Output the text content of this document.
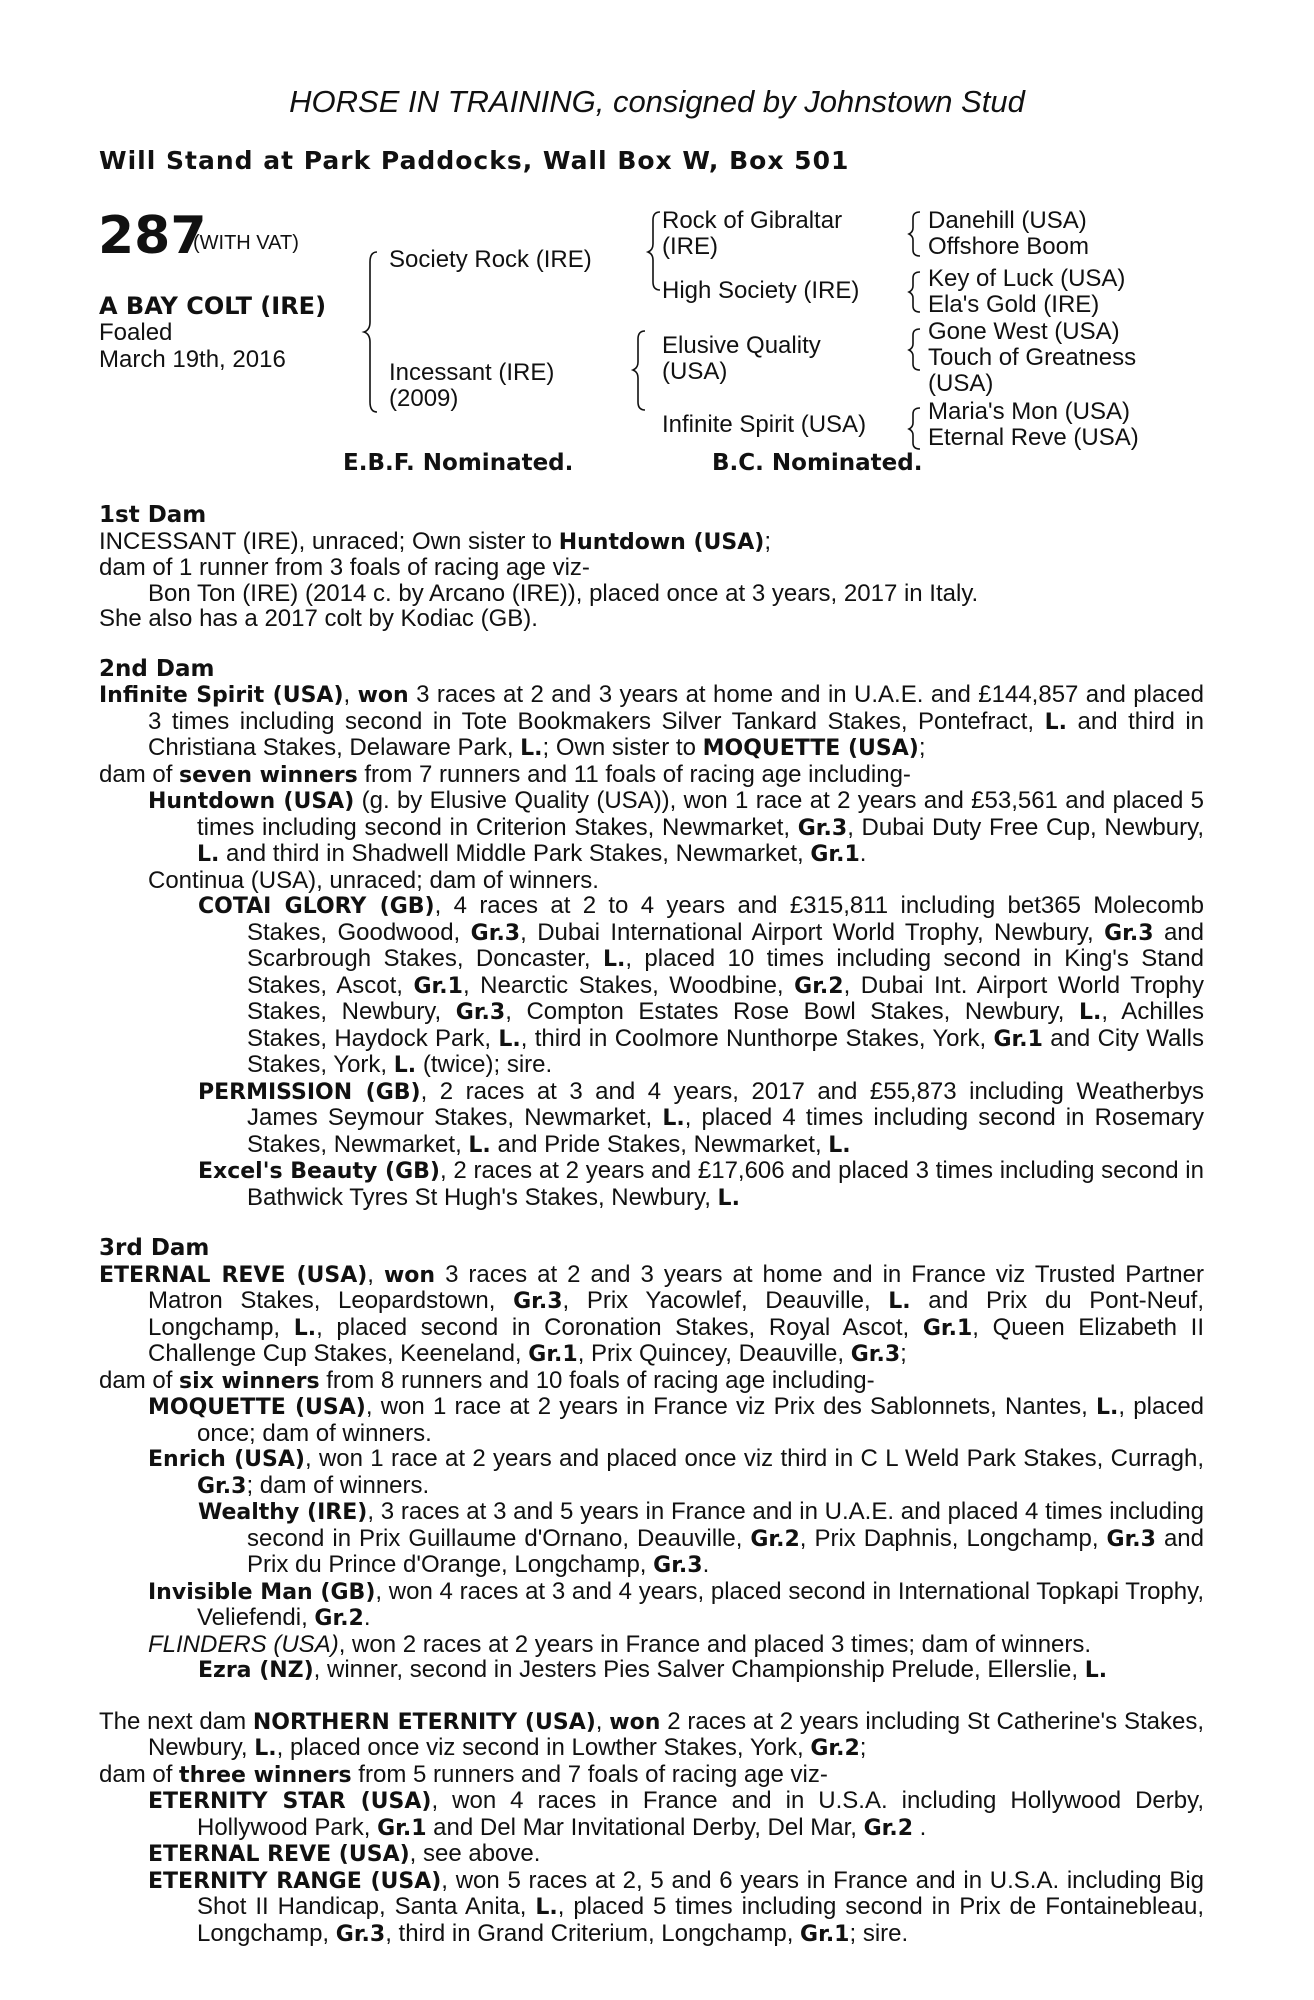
HORSE IN TRAINING, consigned by Johnstown Stud
Will Stand at Park Paddocks, Wall Box W, Box 501
287
(WITH VAT)
A BAY COLT (IRE)
Foaled
March 19th, 2016
Society Rock (IRE)
Incessant (IRE)
(2009)
Rock of Gibraltar
(IRE)
High Society (IRE)
Elusive Quality
(USA)
Infinite Spirit (USA)
Danehill (USA)
Offshore Boom
Key of Luck (USA)
Ela's Gold (IRE)
Gone West (USA)
Touch of Greatness
(USA)
Maria's Mon (USA)
Eternal Reve (USA)
E.B.F. Nominated.	B.C. Nominated.

1st Dam

INCESSANT (IRE), unraced; Own sister to Huntdown (USA);

dam of 1 runner from 3 foals of racing age viz-

Bon Ton (IRE) (2014 c. by Arcano (IRE)), placed once at 3 years, 2017 in Italy.

She also has a 2017 colt by Kodiac (GB).

2nd Dam

Infinite Spirit (USA), won 3 races at 2 and 3 years at home and in U.A.E. and £144,857 and placed 3 times including second in Tote Bookmakers Silver Tankard Stakes, Pontefract, L. and third in Christiana Stakes, Delaware Park, L.; Own sister to MOQUETTE (USA);

dam of seven winners from 7 runners and 11 foals of racing age including-

Huntdown (USA) (g. by Elusive Quality (USA)), won 1 race at 2 years and £53,561 and placed 5 times including second in Criterion Stakes, Newmarket, Gr.3, Dubai Duty Free Cup, Newbury, L. and third in Shadwell Middle Park Stakes, Newmarket, Gr.1.

Continua (USA), unraced; dam of winners.

COTAI GLORY (GB), 4 races at 2 to 4 years and £315,811 including bet365 Molecomb Stakes, Goodwood, Gr.3, Dubai International Airport World Trophy, Newbury, Gr.3 and Scarbrough Stakes, Doncaster, L., placed 10 times including second in King's Stand Stakes, Ascot, Gr.1, Nearctic Stakes, Woodbine, Gr.2, Dubai Int. Airport World Trophy Stakes, Newbury, Gr.3, Compton Estates Rose Bowl Stakes, Newbury, L., Achilles Stakes, Haydock Park, L., third in Coolmore Nunthorpe Stakes, York, Gr.1 and City Walls Stakes, York, L. (twice); sire.

PERMISSION (GB), 2 races at 3 and 4 years, 2017 and £55,873 including Weatherbys James Seymour Stakes, Newmarket, L., placed 4 times including second in Rosemary Stakes, Newmarket, L. and Pride Stakes, Newmarket, L.

Excel's Beauty (GB), 2 races at 2 years and £17,606 and placed 3 times including second in Bathwick Tyres St Hugh's Stakes, Newbury, L.

3rd Dam

ETERNAL REVE (USA), won 3 races at 2 and 3 years at home and in France viz Trusted Partner Matron Stakes, Leopardstown, Gr.3, Prix Yacowlef, Deauville, L. and Prix du Pont-Neuf, Longchamp, L., placed second in Coronation Stakes, Royal Ascot, Gr.1, Queen Elizabeth II Challenge Cup Stakes, Keeneland, Gr.1, Prix Quincey, Deauville, Gr.3;

dam of six winners from 8 runners and 10 foals of racing age including-

MOQUETTE (USA), won 1 race at 2 years in France viz Prix des Sablonnets, Nantes, L., placed once; dam of winners.

Enrich (USA), won 1 race at 2 years and placed once viz third in C L Weld Park Stakes, Curragh, Gr.3; dam of winners.

Wealthy (IRE), 3 races at 3 and 5 years in France and in U.A.E. and placed 4 times including second in Prix Guillaume d'Ornano, Deauville, Gr.2, Prix Daphnis, Longchamp, Gr.3 and Prix du Prince d'Orange, Longchamp, Gr.3.

Invisible Man (GB), won 4 races at 3 and 4 years, placed second in International Topkapi Trophy, Veliefendi, Gr.2.

FLINDERS (USA), won 2 races at 2 years in France and placed 3 times; dam of winners.

Ezra (NZ), winner, second in Jesters Pies Salver Championship Prelude, Ellerslie, L.

The next dam NORTHERN ETERNITY (USA), won 2 races at 2 years including St Catherine's Stakes, Newbury, L., placed once viz second in Lowther Stakes, York, Gr.2;

dam of three winners from 5 runners and 7 foals of racing age viz-

ETERNITY STAR (USA), won 4 races in France and in U.S.A. including Hollywood Derby, Hollywood Park, Gr.1 and Del Mar Invitational Derby, Del Mar, Gr.2 .

ETERNAL REVE (USA), see above.

ETERNITY RANGE (USA), won 5 races at 2, 5 and 6 years in France and in U.S.A. including Big Shot II Handicap, Santa Anita, L., placed 5 times including second in Prix de Fontainebleau, Longchamp, Gr.3, third in Grand Criterium, Longchamp, Gr.1; sire.
